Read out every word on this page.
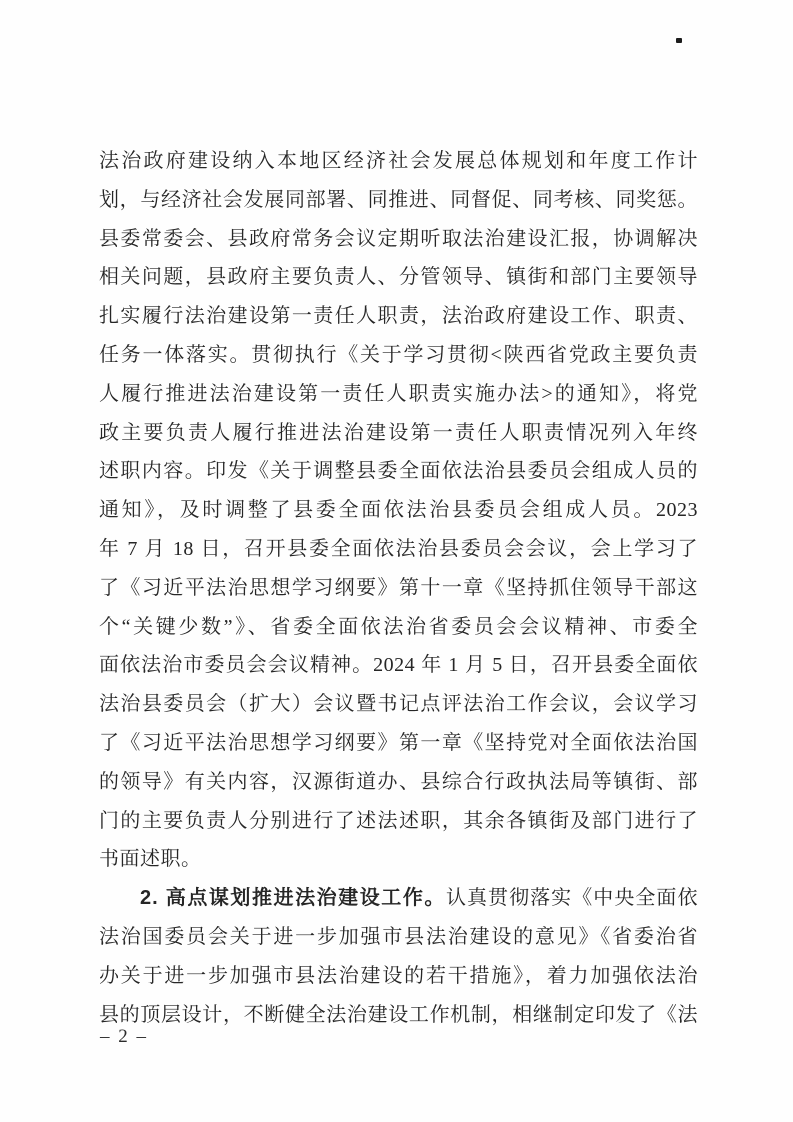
法治政府建设纳入本地区经济社会发展总体规划和年度工作计
划，与经济社会发展同部署、同推进、同督促、同考核、同奖惩。
县委常委会、县政府常务会议定期听取法治建设汇报，协调解决
相关问题，县政府主要负责人、分管领导、镇街和部门主要领导
扎实履行法治建设第一责任人职责，法治政府建设工作、职责、
任务一体落实。贯彻执行《关于学习贯彻<陕西省党政主要负责
人履行推进法治建设第一责任人职责实施办法>的通知》，将党
政主要负责人履行推进法治建设第一责任人职责情况列入年终
述职内容。印发《关于调整县委全面依法治县委员会组成人员的
通知》，及时调整了县委全面依法治县委员会组成人员。2023
年 7 月 18 日，召开县委全面依法治县委员会会议，会上学习了
了《习近平法治思想学习纲要》第十一章《坚持抓住领导干部这
个“关键少数”》、省委全面依法治省委员会会议精神、市委全
面依法治市委员会会议精神。2024 年 1 月 5 日，召开县委全面依
法治县委员会（扩大）会议暨书记点评法治工作会议，会议学习
了《习近平法治思想学习纲要》第一章《坚持党对全面依法治国
的领导》有关内容，汉源街道办、县综合行政执法局等镇街、部
门的主要负责人分别进行了述法述职，其余各镇街及部门进行了
书面述职。
2. 高点谋划推进法治建设工作。认真贯彻落实《中央全面依
法治国委员会关于进一步加强市县法治建设的意见》《省委治省
办关于进一步加强市县法治建设的若干措施》，着力加强依法治
县的顶层设计，不断健全法治建设工作机制，相继制定印发了《法
– 2 –
